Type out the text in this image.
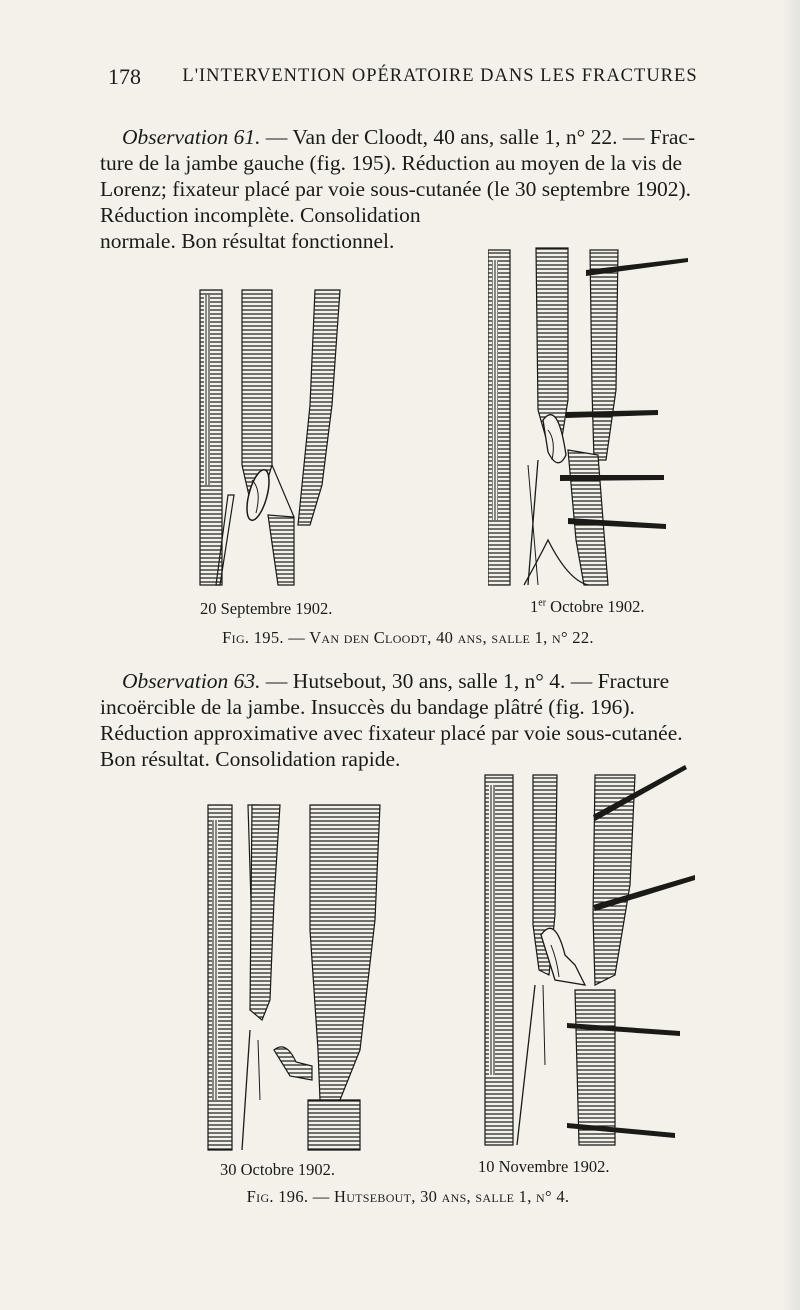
178	L'INTERVENTION OPÉRATOIRE DANS LES FRACTURES
Observation 61. — Van der Cloodt, 40 ans, salle 1, n° 22. — Frac-
ture de la jambe gauche (fig. 195). Réduction au moyen de la vis de
Lorenz; fixateur placé par voie sous-cutanée (le 30 septembre 1902).
Réduction incomplète. Consolidation
normale. Bon résultat fonctionnel.
20 Septembre 1902.	1er Octobre 1902.
Fig. 195. — Van den Cloodt, 40 ans, salle 1, n° 22.
Observation 63. — Hutsebout, 30 ans, salle 1, n° 4. — Fracture
incoërcible de la jambe. Insuccès du bandage plâtré (fig. 196).
Réduction approximative avec fixateur placé par voie sous-cutanée.
Bon résultat. Consolidation rapide.
30 Octobre 1902.	10 Novembre 1902.
Fig. 196. — Hutsebout, 30 ans, salle 1, n° 4.
